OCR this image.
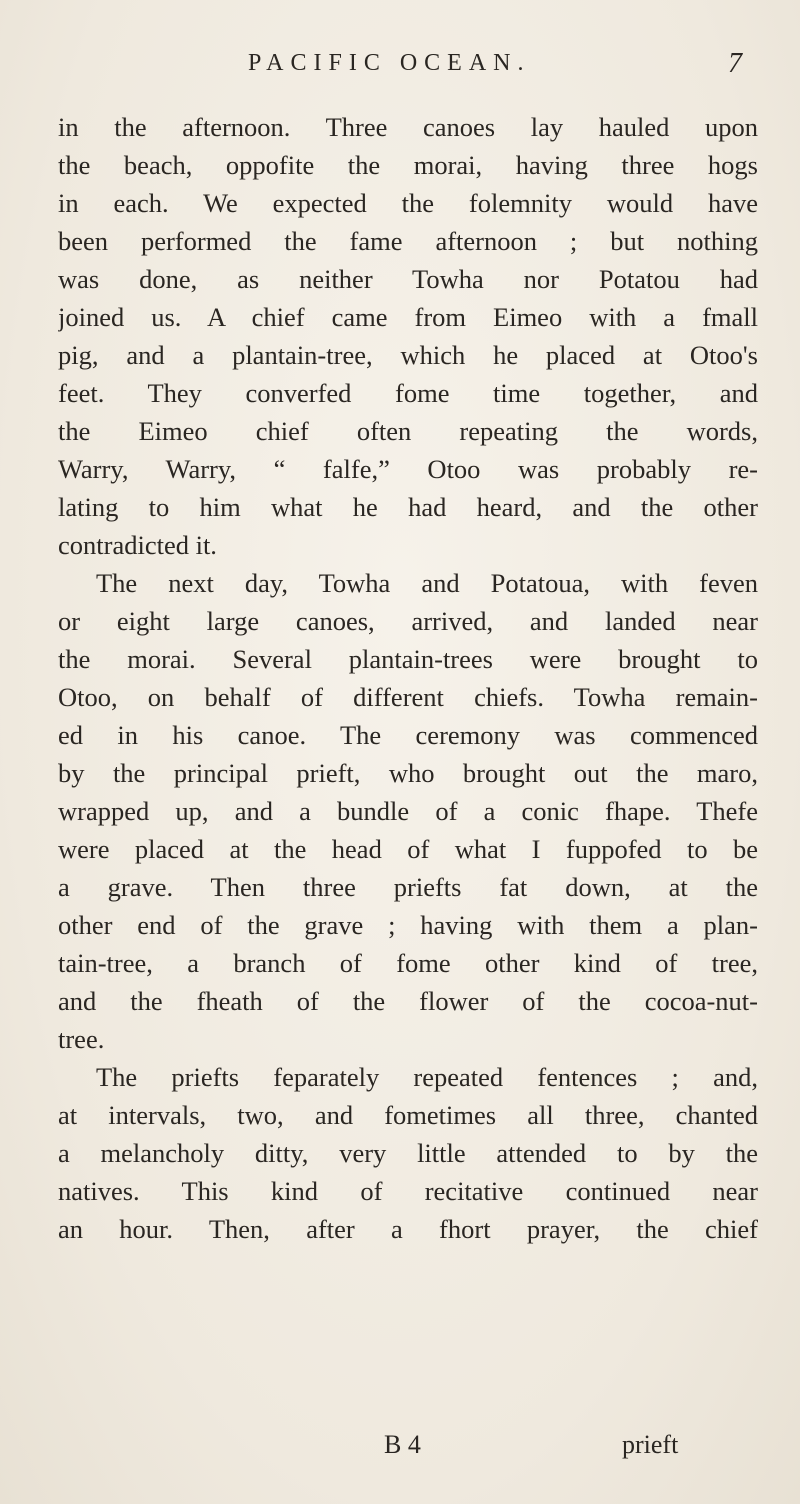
PACIFIC OCEAN.	7
in the afternoon. Three canoes lay hauled upon
the beach, oppofite the morai, having three hogs
in each. We expected the folemnity would have
been performed the fame afternoon ; but nothing
was done, as neither Towha nor Potatou had
joined us. A chief came from Eimeo with a fmall
pig, and a plantain-tree, which he placed at Otoo's
feet. They converfed fome time together, and
the Eimeo chief often repeating the words,
Warry, Warry, “ falfe,” Otoo was probably re-
lating to him what he had heard, and the other
contradicted it.
The next day, Towha and Potatoua, with feven
or eight large canoes, arrived, and landed near
the morai. Several plantain-trees were brought to
Otoo, on behalf of different chiefs. Towha remain-
ed in his canoe. The ceremony was commenced
by the principal prieft, who brought out the maro,
wrapped up, and a bundle of a conic fhape. Thefe
were placed at the head of what I fuppofed to be
a grave. Then three priefts fat down, at the
other end of the grave ; having with them a plan-
tain-tree, a branch of fome other kind of tree,
and the fheath of the flower of the cocoa-nut-
tree.
The priefts feparately repeated fentences ; and,
at intervals, two, and fometimes all three, chanted
a melancholy ditty, very little attended to by the
natives. This kind of recitative continued near
an hour. Then, after a fhort prayer, the chief
B 4	prieft
